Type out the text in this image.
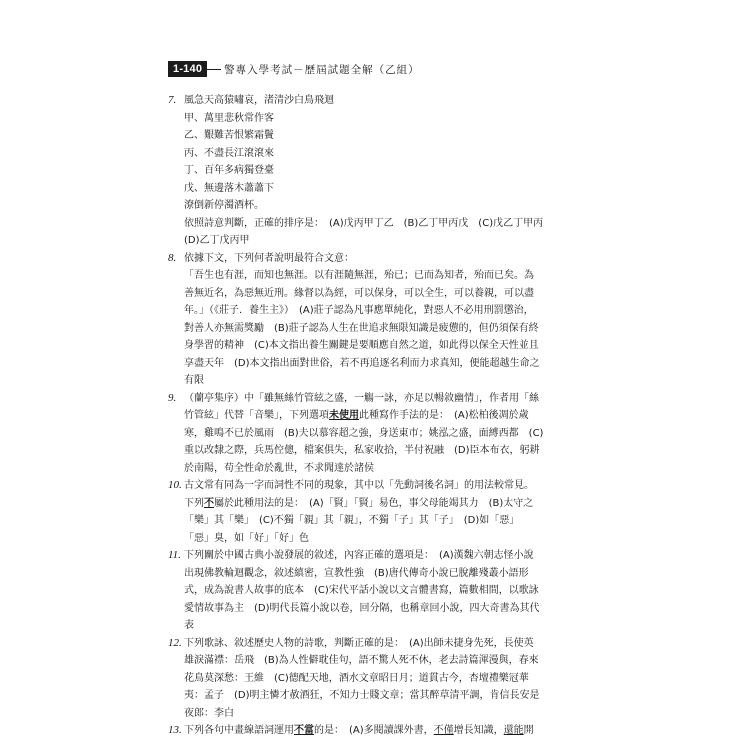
1-140	警專入學考試－歷屆試題全解（乙組）
7. 風急天高猿嘯哀，渚清沙白鳥飛迴
甲、萬里悲秋常作客
乙、艱難苦恨繁霜鬢
丙、不盡長江滾滾來
丁、百年多病獨登臺
戊、無邊落木蕭蕭下
潦倒新停濁酒杯。
依照詩意判斷，正確的排序是：　(A)戊丙甲丁乙　(B)乙丁甲丙戊　(C)戊乙丁甲丙
(D)乙丁戊丙甲
8. 依據下文，下列何者說明最符合文意：
「吾生也有涯，而知也無涯。以有涯隨無涯，殆已；已而為知者，殆而已矣。為
善無近名，為惡無近刑。緣督以為經，可以保身，可以全生，可以養親，可以盡
年。」（《莊子．養生主》）　(A)莊子認為凡事應單純化，對惡人不必用刑罰懲治，
對善人亦無需獎勵　(B)莊子認為人生在世追求無限知識是疲憊的，但仍須保有終
身學習的精神　(C)本文指出養生關鍵是要順應自然之道，如此得以保全天性並且
享盡天年　(D)本文指出面對世俗，若不再追逐名利而力求真知，便能超越生命之
有限
9. （蘭亭集序）中「雖無絲竹管絃之盛，一觴一詠，亦足以暢敘幽情」，作者用「絲
竹管絃」代替「音樂」，下列選項未使用此種寫作手法的是：　(A)松柏後凋於歲
寒，雞鳴不已於風雨　(B)夫以慕容超之強，身送東市；姚泓之盛，面縛西都　(C)
重以改隸之際，兵馬倥傯，檔案俱失，私家收拾，半付祝融　(D)臣本布衣，躬耕
於南陽，苟全性命於亂世，不求聞達於諸侯
10. 古文常有同為一字而詞性不同的現象，其中以「先動詞後名詞」的用法較常見。
下列不屬於此種用法的是：　(A)「賢」「賢」易色，事父母能竭其力　(B)太守之
「樂」其「樂」　(C)不獨「親」其「親」，不獨「子」其「子」　(D)如「惡」
「惡」臭，如「好」「好」色
11. 下列關於中國古典小說發展的敘述，內容正確的選項是：　(A)漢魏六朝志怪小說
出現佛教輪迴觀念，敘述縝密，宣教性強　(B)唐代傳奇小說已脫離殘叢小語形
式，成為說書人故事的底本　(C)宋代平話小說以文言體書寫，篇數相間，以歌詠
愛情故事為主　(D)明代長篇小說以卷，回分隔，也稱章回小說，四大奇書為其代
表
12. 下列歌詠、敘述歷史人物的詩歌，判斷正確的是：　(A)出師未捷身先死，長使英
雄淚滿襟：岳飛　(B)為人性僻耽佳句，語不驚人死不休，老去詩篇渾漫與，春來
花鳥莫深愁：王維　(C)德配天地，酒水文章昭日月；道貫古今，杏壇禮樂冠華
夷：孟子　(D)明主憐才赦酒狂，不知力士賤文章；當其醉草清平調，肯信長安是
夜郎：李白
13. 下列各句中畫線語詞運用不當的是：　(A)多閱讀課外書，不僅增長知識，還能開
